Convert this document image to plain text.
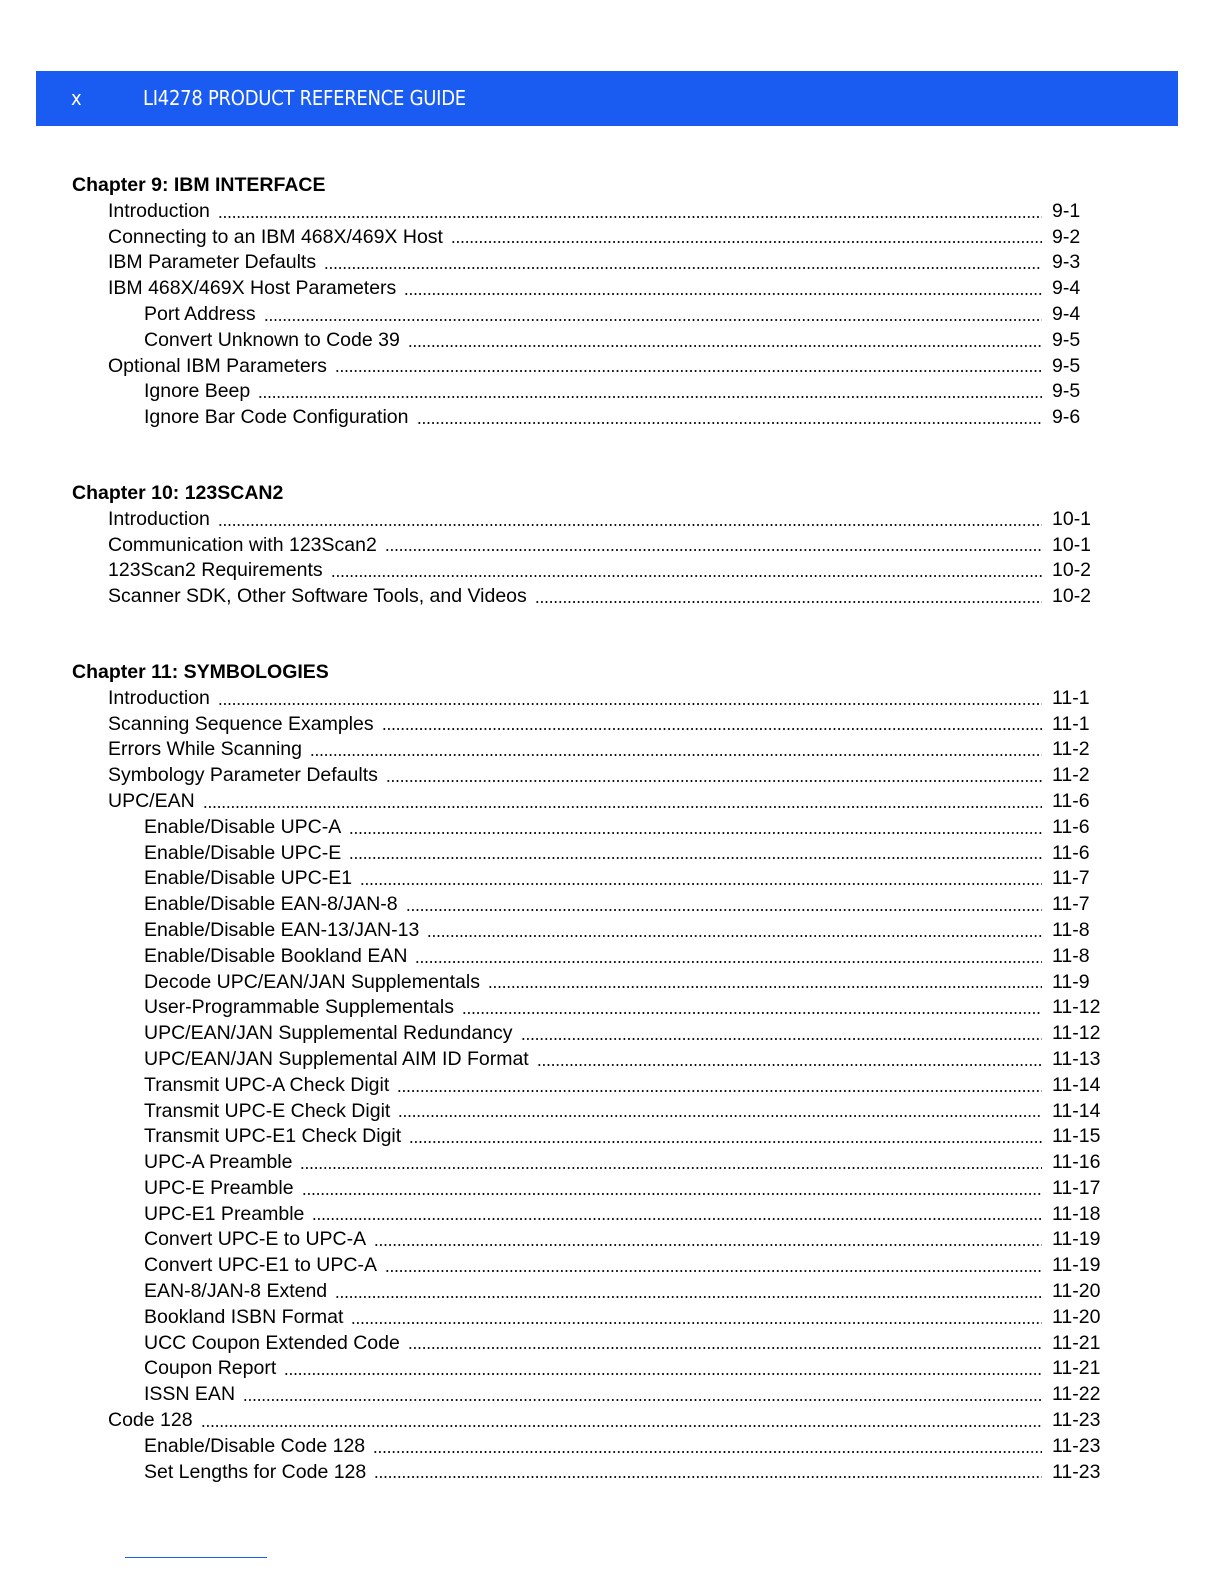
x	LI4278 PRODUCT REFERENCE GUIDE
Chapter 9: IBM INTERFACE
Introduction	9-1
Connecting to an IBM 468X/469X Host	9-2
IBM Parameter Defaults	9-3
IBM 468X/469X Host Parameters	9-4
Port Address	9-4
Convert Unknown to Code 39	9-5
Optional IBM Parameters	9-5
Ignore Beep	9-5
Ignore Bar Code Configuration	9-6
Chapter 10: 123SCAN2
Introduction	10-1
Communication with 123Scan2	10-1
123Scan2 Requirements	10-2
Scanner SDK, Other Software Tools, and Videos	10-2
Chapter 11: SYMBOLOGIES
Introduction	11-1
Scanning Sequence Examples	11-1
Errors While Scanning	11-2
Symbology Parameter Defaults	11-2
UPC/EAN	11-6
Enable/Disable UPC-A	11-6
Enable/Disable UPC-E	11-6
Enable/Disable UPC-E1	11-7
Enable/Disable EAN-8/JAN-8	11-7
Enable/Disable EAN-13/JAN-13	11-8
Enable/Disable Bookland EAN	11-8
Decode UPC/EAN/JAN Supplementals	11-9
User-Programmable Supplementals	11-12
UPC/EAN/JAN Supplemental Redundancy	11-12
UPC/EAN/JAN Supplemental AIM ID Format	11-13
Transmit UPC-A Check Digit	11-14
Transmit UPC-E Check Digit	11-14
Transmit UPC-E1 Check Digit	11-15
UPC-A Preamble	11-16
UPC-E Preamble	11-17
UPC-E1 Preamble	11-18
Convert UPC-E to UPC-A	11-19
Convert UPC-E1 to UPC-A	11-19
EAN-8/JAN-8 Extend	11-20
Bookland ISBN Format	11-20
UCC Coupon Extended Code	11-21
Coupon Report	11-21
ISSN EAN	11-22
Code 128	11-23
Enable/Disable Code 128	11-23
Set Lengths for Code 128	11-23
